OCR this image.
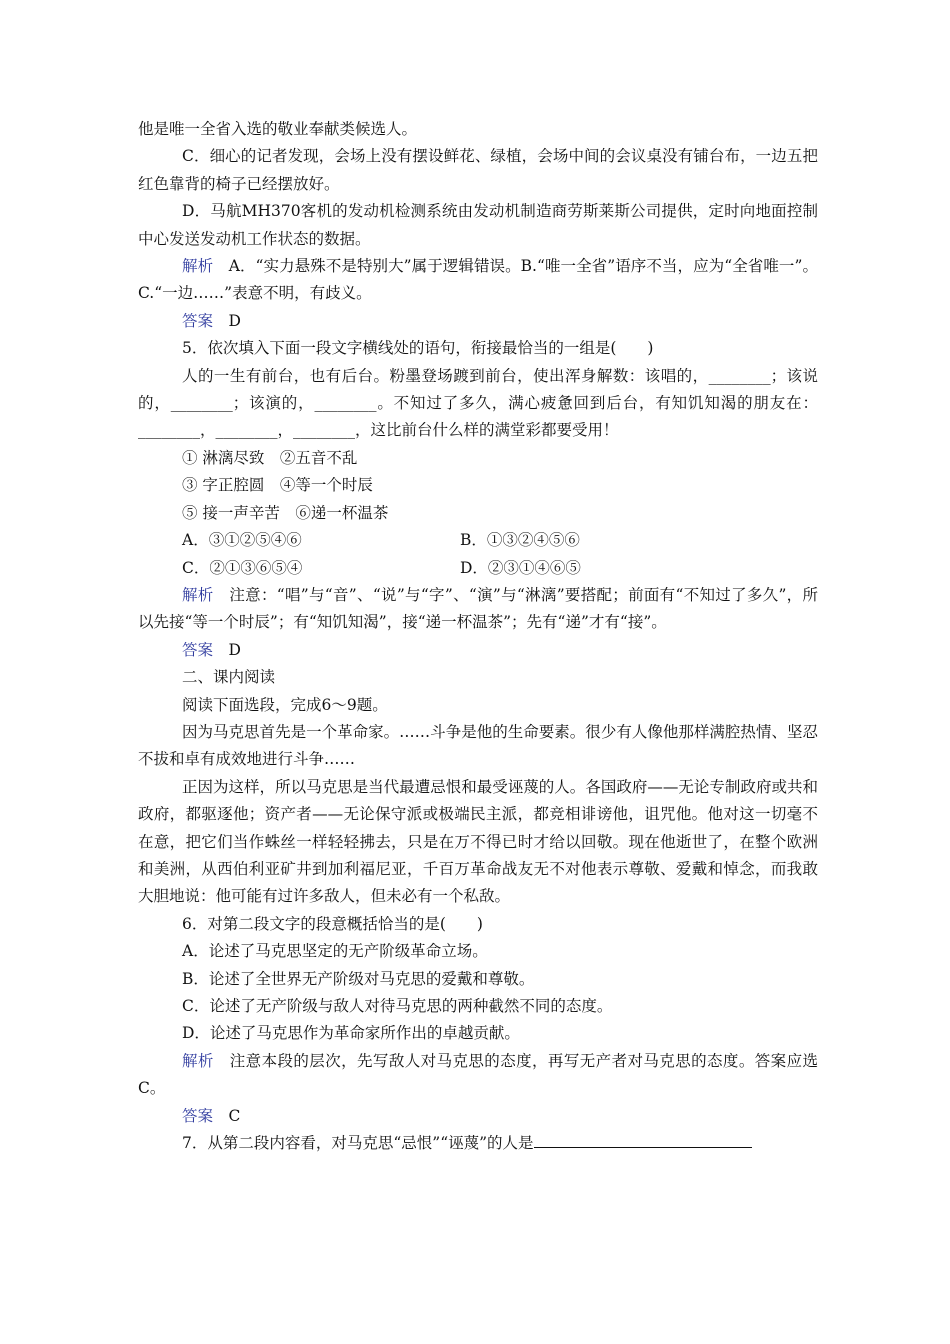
他是唯一全省入选的敬业奉献类候选人。

C．细心的记者发现，会场上没有摆设鲜花、绿植，会场中间的会议桌没有铺台布，一边五把红色靠背的椅子已经摆放好。

D．马航MH370客机的发动机检测系统由发动机制造商劳斯莱斯公司提供，定时向地面控制中心发送发动机工作状态的数据。

解析　 A．“实力悬殊不是特别大”属于逻辑错误。B.“唯一全省”语序不当，应为“全省唯一”。C.“一边……”表意不明，有歧义。

答案　 D

5．依次填入下面一段文字横线处的语句，衔接最恰当的一组是(　　)

人的一生有前台，也有后台。粉墨登场踱到前台，使出浑身解数：该唱的，________；该说的，________；该演的，________。不知过了多久，满心疲惫回到后台，有知饥知渴的朋友在：________，________，________，这比前台什么样的满堂彩都要受用！

① 淋漓尽致　②五音不乱

③ 字正腔圆　④等一个时辰

⑤ 接一声辛苦　⑥递一杯温茶

A．③①②⑤④⑥	B．①③②④⑤⑥
C．②①③⑥⑤④	D．②③①④⑥⑤

解析　 注意：“唱”与“音”、“说”与“字”、“演”与“淋漓”要搭配；前面有“不知过了多久”，所以先接“等一个时辰”；有“知饥知渴”，接“递一杯温茶”；先有“递”才有“接”。

答案　 D

二、课内阅读

阅读下面选段，完成6～9题。

因为马克思首先是一个革命家。……斗争是他的生命要素。很少有人像他那样满腔热情、坚忍不拔和卓有成效地进行斗争……

正因为这样，所以马克思是当代最遭忌恨和最受诬蔑的人。各国政府——无论专制政府或共和政府，都驱逐他；资产者——无论保守派或极端民主派，都竞相诽谤他，诅咒他。他对这一切毫不在意，把它们当作蛛丝一样轻轻拂去，只是在万不得已时才给以回敬。现在他逝世了，在整个欧洲和美洲，从西伯利亚矿井到加利福尼亚，千百万革命战友无不对他表示尊敬、爱戴和悼念，而我敢大胆地说：他可能有过许多敌人，但未必有一个私敌。

6．对第二段文字的段意概括恰当的是(　　)

A．论述了马克思坚定的无产阶级革命立场。

B．论述了全世界无产阶级对马克思的爱戴和尊敬。

C．论述了无产阶级与敌人对待马克思的两种截然不同的态度。

D．论述了马克思作为革命家所作出的卓越贡献。

解析　 注意本段的层次，先写敌人对马克思的态度，再写无产者对马克思的态度。答案应选C。

答案　 C

7．从第二段内容看，对马克思“忌恨”“诬蔑”的人是
